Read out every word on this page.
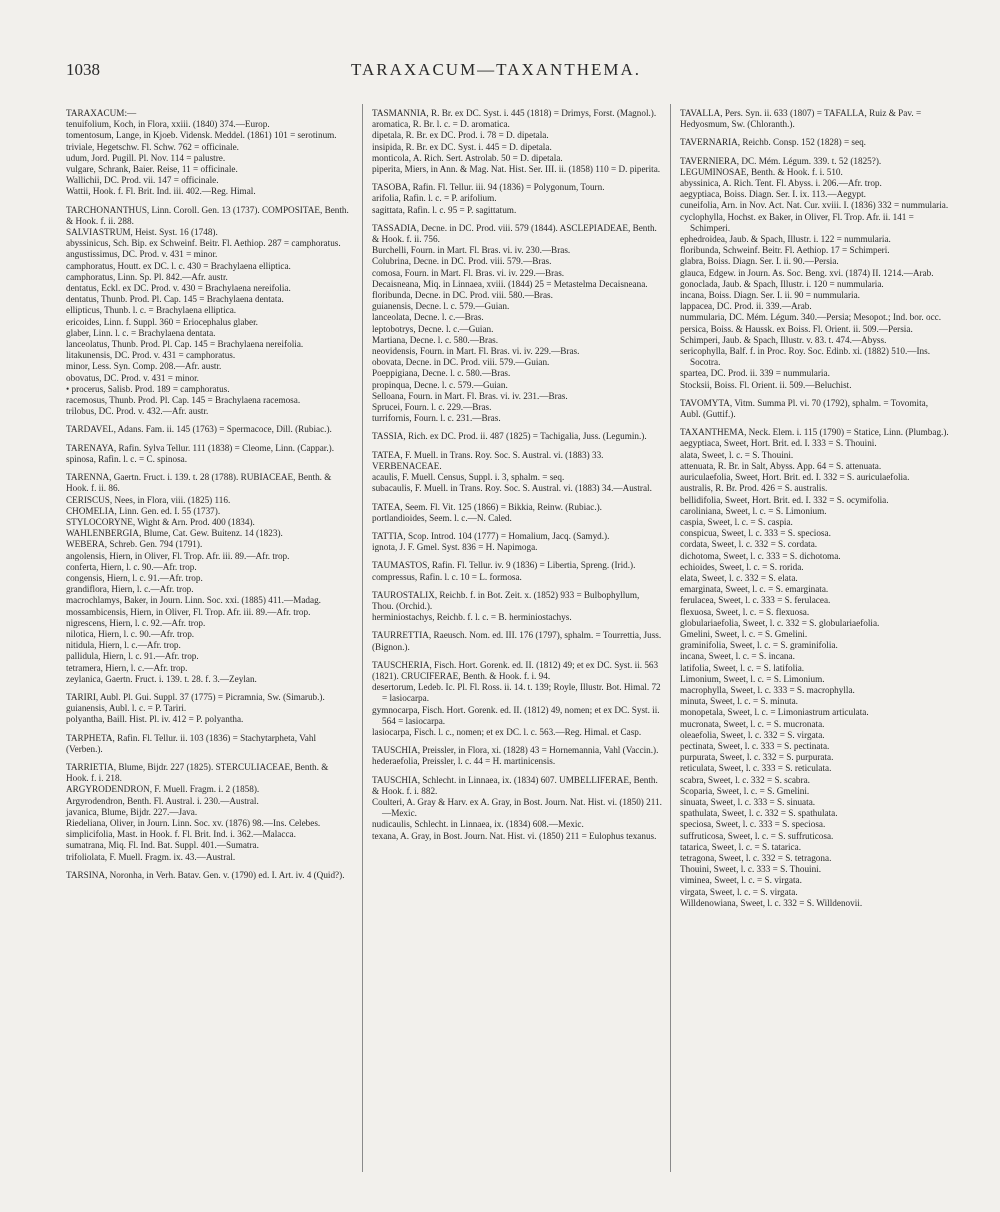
1038	TARAXACUM—TAXANTHEMA.
TARAXACUM:—
tenuifolium, Koch, in Flora, xxiii. (1840) 374.—Europ.
tomentosum, Lange, in Kjoeb. Vidensk. Meddel. (1861) 101 = serotinum.
triviale, Hegetschw. Fl. Schw. 762 = officinale.
udum, Jord. Pugill. Pl. Nov. 114 = palustre.
vulgare, Schrank, Baier. Reise, 11 = officinale.
Wallichii, DC. Prod. vii. 147 = officinale.
Wattii, Hook. f. Fl. Brit. Ind. iii. 402.—Reg. Himal.
TARCHONANTHUS, Linn. Coroll. Gen. 13 (1737). COMPOSITAE, Benth. & Hook. f. ii. 288.
SALVIASTRUM, Heist. Syst. 16 (1748).
abyssinicus, Sch. Bip. ex Schweinf. Beitr. Fl. Aethiop. 287 = camphoratus.
angustissimus, DC. Prod. v. 431 = minor.
camphoratus, Houtt. ex DC. l. c. 430 = Brachylaena elliptica.
camphoratus, Linn. Sp. Pl. 842.—Afr. austr.
dentatus, Eckl. ex DC. Prod. v. 430 = Brachylaena nereifolia.
dentatus, Thunb. Prod. Pl. Cap. 145 = Brachylaena dentata.
ellipticus, Thunb. l. c. = Brachylaena elliptica.
ericoides, Linn. f. Suppl. 360 = Eriocephalus glaber.
glaber, Linn. l. c. = Brachylaena dentata.
lanceolatus, Thunb. Prod. Pl. Cap. 145 = Brachylaena nereifolia.
litakunensis, DC. Prod. v. 431 = camphoratus.
minor, Less. Syn. Comp. 208.—Afr. austr.
obovatus, DC. Prod. v. 431 = minor.
• procerus, Salisb. Prod. 189 = camphoratus.
racemosus, Thunb. Prod. Pl. Cap. 145 = Brachylaena racemosa.
trilobus, DC. Prod. v. 432.—Afr. austr.
TARDAVEL, Adans. Fam. ii. 145 (1763) = Spermacoce, Dill. (Rubiac.).
TARENAYA, Rafin. Sylva Tellur. 111 (1838) = Cleome, Linn. (Cappar.).
spinosa, Rafin. l. c. = C. spinosa.
TARENNA, Gaertn. Fruct. i. 139. t. 28 (1788). RUBIACEAE, Benth. & Hook. f. ii. 86.
CERISCUS, Nees, in Flora, viii. (1825) 116.
CHOMELIA, Linn. Gen. ed. I. 55 (1737).
STYLOCORYNE, Wight & Arn. Prod. 400 (1834).
WAHLENBERGIA, Blume, Cat. Gew. Buitenz. 14 (1823).
WEBERA, Schreb. Gen. 794 (1791).
angolensis, Hiern, in Oliver, Fl. Trop. Afr. iii. 89.—Afr. trop.
conferta, Hiern, l. c. 90.—Afr. trop.
congensis, Hiern, l. c. 91.—Afr. trop.
grandiflora, Hiern, l. c.—Afr. trop.
macrochlamys, Baker, in Journ. Linn. Soc. xxi. (1885) 411.—Madag.
mossambicensis, Hiern, in Oliver, Fl. Trop. Afr. iii. 89.—Afr. trop.
nigrescens, Hiern, l. c. 92.—Afr. trop.
nilotica, Hiern, l. c. 90.—Afr. trop.
nitidula, Hiern, l. c.—Afr. trop.
pallidula, Hiern, l. c. 91.—Afr. trop.
tetramera, Hiern, l. c.—Afr. trop.
zeylanica, Gaertn. Fruct. i. 139. t. 28. f. 3.—Zeylan.
TARIRI, Aubl. Pl. Gui. Suppl. 37 (1775) = Picramnia, Sw. (Simarub.).
guianensis, Aubl. l. c. = P. Tariri.
polyantha, Baill. Hist. Pl. iv. 412 = P. polyantha.
TARPHETA, Rafin. Fl. Tellur. ii. 103 (1836) = Stachytarpheta, Vahl (Verben.).
TARRIETIA, Blume, Bijdr. 227 (1825). STERCULIACEAE, Benth. & Hook. f. i. 218.
ARGYRODENDRON, F. Muell. Fragm. i. 2 (1858).
Argyrodendron, Benth. Fl. Austral. i. 230.—Austral.
javanica, Blume, Bijdr. 227.—Java.
Riedeliana, Oliver, in Journ. Linn. Soc. xv. (1876) 98.—Ins. Celebes.
simplicifolia, Mast. in Hook. f. Fl. Brit. Ind. i. 362.—Malacca.
sumatrana, Miq. Fl. Ind. Bat. Suppl. 401.—Sumatra.
trifoliolata, F. Muell. Fragm. ix. 43.—Austral.
TARSINA, Noronha, in Verh. Batav. Gen. v. (1790) ed. I. Art. iv. 4 (Quid?).
TASMANNIA, R. Br. ex DC. Syst. i. 445 (1818) = Drimys, Forst. (Magnol.).
aromatica, R. Br. l. c. = D. aromatica.
dipetala, R. Br. ex DC. Prod. i. 78 = D. dipetala.
insipida, R. Br. ex DC. Syst. i. 445 = D. dipetala.
monticola, A. Rich. Sert. Astrolab. 50 = D. dipetala.
piperita, Miers, in Ann. & Mag. Nat. Hist. Ser. III. ii. (1858) 110 = D. piperita.
TASOBA, Rafin. Fl. Tellur. iii. 94 (1836) = Polygonum, Tourn.
arifolia, Rafin. l. c. = P. arifolium.
sagittata, Rafin. l. c. 95 = P. sagittatum.
TASSADIA, Decne. in DC. Prod. viii. 579 (1844). ASCLEPIADEAE, Benth. & Hook. f. ii. 756.
Burchelli, Fourn. in Mart. Fl. Bras. vi. iv. 230.—Bras.
Colubrina, Decne. in DC. Prod. viii. 579.—Bras.
comosa, Fourn. in Mart. Fl. Bras. vi. iv. 229.—Bras.
Decaisneana, Miq. in Linnaea, xviii. (1844) 25 = Metastelma Decaisneana.
floribunda, Decne. in DC. Prod. viii. 580.—Bras.
guianensis, Decne. l. c. 579.—Guian.
lanceolata, Decne. l. c.—Bras.
leptobotrys, Decne. l. c.—Guian.
Martiana, Decne. l. c. 580.—Bras.
neovidensis, Fourn. in Mart. Fl. Bras. vi. iv. 229.—Bras.
obovata, Decne. in DC. Prod. viii. 579.—Guian.
Poeppigiana, Decne. l. c. 580.—Bras.
propinqua, Decne. l. c. 579.—Guian.
Selloana, Fourn. in Mart. Fl. Bras. vi. iv. 231.—Bras.
Sprucei, Fourn. l. c. 229.—Bras.
turrifornis, Fourn. l. c. 231.—Bras.
TASSIA, Rich. ex DC. Prod. ii. 487 (1825) = Tachigalia, Juss. (Legumin.).
TATEA, F. Muell. in Trans. Roy. Soc. S. Austral. vi. (1883) 33. VERBENACEAE.
acaulis, F. Muell. Census, Suppl. i. 3, sphalm. = seq.
subacaulis, F. Muell. in Trans. Roy. Soc. S. Austral. vi. (1883) 34.—Austral.
TATEA, Seem. Fl. Vit. 125 (1866) = Bikkia, Reinw. (Rubiac.).
portlandioides, Seem. l. c.—N. Caled.
TATTIA, Scop. Introd. 104 (1777) = Homalium, Jacq. (Samyd.).
ignota, J. F. Gmel. Syst. 836 = H. Napimoga.
TAUMASTOS, Rafin. Fl. Tellur. iv. 9 (1836) = Libertia, Spreng. (Irid.).
compressus, Rafin. l. c. 10 = L. formosa.
TAUROSTALIX, Reichb. f. in Bot. Zeit. x. (1852) 933 = Bulbophyllum, Thou. (Orchid.).
herminiostachys, Reichb. f. l. c. = B. herminiostachys.
TAURRETTIA, Raeusch. Nom. ed. III. 176 (1797), sphalm. = Tourrettia, Juss. (Bignon.).
TAUSCHERIA, Fisch. Hort. Gorenk. ed. II. (1812) 49; et ex DC. Syst. ii. 563 (1821). CRUCIFERAE, Benth. & Hook. f. i. 94.
desertorum, Ledeb. Ic. Pl. Fl. Ross. ii. 14. t. 139; Royle, Illustr. Bot. Himal. 72 = lasiocarpa.
gymnocarpa, Fisch. Hort. Gorenk. ed. II. (1812) 49, nomen; et ex DC. Syst. ii. 564 = lasiocarpa.
lasiocarpa, Fisch. l. c., nomen; et ex DC. l. c. 563.—Reg. Himal. et Casp.
TAUSCHIA, Preissler, in Flora, xi. (1828) 43 = Hornemannia, Vahl (Vaccin.).
hederaefolia, Preissler, l. c. 44 = H. martinicensis.
TAUSCHIA, Schlecht. in Linnaea, ix. (1834) 607. UMBELLIFERAE, Benth. & Hook. f. i. 882.
Coulteri, A. Gray & Harv. ex A. Gray, in Bost. Journ. Nat. Hist. vi. (1850) 211.—Mexic.
nudicaulis, Schlecht. in Linnaea, ix. (1834) 608.—Mexic.
texana, A. Gray, in Bost. Journ. Nat. Hist. vi. (1850) 211 = Eulophus texanus.
TAVALLA, Pers. Syn. ii. 633 (1807) = TAFALLA, Ruiz & Pav. = Hedyosmum, Sw. (Chloranth.).
TAVERNARIA, Reichb. Consp. 152 (1828) = seq.
TAVERNIERA, DC. Mém. Légum. 339. t. 52 (1825?). LEGUMINOSAE, Benth. & Hook. f. i. 510.
abyssinica, A. Rich. Tent. Fl. Abyss. i. 206.—Afr. trop.
aegyptiaca, Boiss. Diagn. Ser. I. ix. 113.—Aegypt.
cuneifolia, Arn. in Nov. Act. Nat. Cur. xviii. I. (1836) 332 = nummularia.
cyclophylla, Hochst. ex Baker, in Oliver, Fl. Trop. Afr. ii. 141 = Schimperi.
ephedroidea, Jaub. & Spach, Illustr. i. 122 = nummularia.
floribunda, Schweinf. Beitr. Fl. Aethiop. 17 = Schimperi.
glabra, Boiss. Diagn. Ser. I. ii. 90.—Persia.
glauca, Edgew. in Journ. As. Soc. Beng. xvi. (1874) II. 1214.—Arab.
gonoclada, Jaub. & Spach, Illustr. i. 120 = nummularia.
incana, Boiss. Diagn. Ser. I. ii. 90 = nummularia.
lappacea, DC. Prod. ii. 339.—Arab.
nummularia, DC. Mém. Légum. 340.—Persia; Mesopot.; Ind. bor. occ.
persica, Boiss. & Haussk. ex Boiss. Fl. Orient. ii. 509.—Persia.
Schimperi, Jaub. & Spach, Illustr. v. 83. t. 474.—Abyss.
sericophylla, Balf. f. in Proc. Roy. Soc. Edinb. xi. (1882) 510.—Ins. Socotra.
spartea, DC. Prod. ii. 339 = nummularia.
Stocksii, Boiss. Fl. Orient. ii. 509.—Beluchist.
TAVOMYTA, Vitm. Summa Pl. vi. 70 (1792), sphalm. = Tovomita, Aubl. (Guttif.).
TAXANTHEMA, Neck. Elem. i. 115 (1790) = Statice, Linn. (Plumbag.).
aegyptiaca, Sweet, Hort. Brit. ed. I. 333 = S. Thouini.
alata, Sweet, l. c. = S. Thouini.
attenuata, R. Br. in Salt, Abyss. App. 64 = S. attenuata.
auriculaefolia, Sweet, Hort. Brit. ed. I. 332 = S. auriculaefolia.
australis, R. Br. Prod. 426 = S. australis.
bellidifolia, Sweet, Hort. Brit. ed. I. 332 = S. ocymifolia.
caroliniana, Sweet, l. c. = S. Limonium.
caspia, Sweet, l. c. = S. caspia.
conspicua, Sweet, l. c. 333 = S. speciosa.
cordata, Sweet, l. c. 332 = S. cordata.
dichotoma, Sweet, l. c. 333 = S. dichotoma.
echioides, Sweet, l. c. = S. rorida.
elata, Sweet, l. c. 332 = S. elata.
emarginata, Sweet, l. c. = S. emarginata.
ferulacea, Sweet, l. c. 333 = S. ferulacea.
flexuosa, Sweet, l. c. = S. flexuosa.
globulariaefolia, Sweet, l. c. 332 = S. globulariaefolia.
Gmelini, Sweet, l. c. = S. Gmelini.
graminifolia, Sweet, l. c. = S. graminifolia.
incana, Sweet, l. c. = S. incana.
latifolia, Sweet, l. c. = S. latifolia.
Limonium, Sweet, l. c. = S. Limonium.
macrophylla, Sweet, l. c. 333 = S. macrophylla.
minuta, Sweet, l. c. = S. minuta.
monopetala, Sweet, l. c. = Limoniastrum articulata.
mucronata, Sweet, l. c. = S. mucronata.
oleaefolia, Sweet, l. c. 332 = S. virgata.
pectinata, Sweet, l. c. 333 = S. pectinata.
purpurata, Sweet, l. c. 332 = S. purpurata.
reticulata, Sweet, l. c. 333 = S. reticulata.
scabra, Sweet, l. c. 332 = S. scabra.
Scoparia, Sweet, l. c. = S. Gmelini.
sinuata, Sweet, l. c. 333 = S. sinuata.
spathulata, Sweet, l. c. 332 = S. spathulata.
speciosa, Sweet, l. c. 333 = S. speciosa.
suffruticosa, Sweet, l. c. = S. suffruticosa.
tatarica, Sweet, l. c. = S. tatarica.
tetragona, Sweet, l. c. 332 = S. tetragona.
Thouini, Sweet, l. c. 333 = S. Thouini.
viminea, Sweet, l. c. = S. virgata.
virgata, Sweet, l. c. = S. virgata.
Willdenowiana, Sweet, l. c. 332 = S. Willdenovii.
